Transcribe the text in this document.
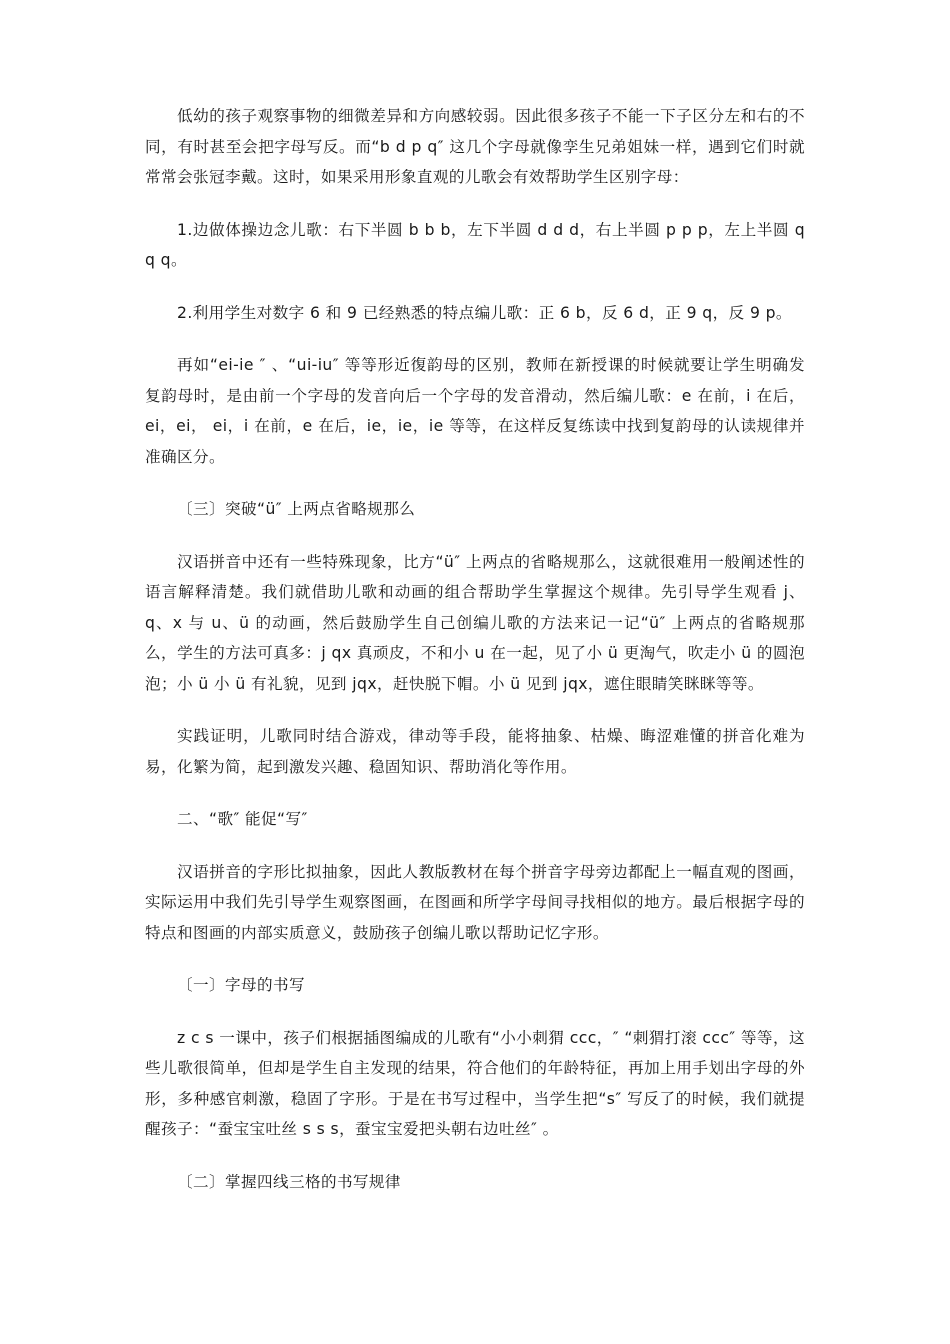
低幼的孩子观察事物的细微差异和方向感较弱。因此很多孩子不能一下子区分左和右的不同，有时甚至会把字母写反。而“b d p q″ 这几个字母就像孪生兄弟姐妹一样，遇到它们时就常常会张冠李戴。这时，如果采用形象直观的儿歌会有效帮助学生区别字母：

1.边做体操边念儿歌：右下半圆 b b b，左下半圆 d d d，右上半圆 p p p，左上半圆 q q q。

2.利用学生对数字 6 和 9 已经熟悉的特点编儿歌：正 6 b，反 6 d，正 9 q，反 9 p。

再如“ei-ie ″ 、“ui-iu″ 等等形近復韵母的区别，教师在新授课的时候就要让学生明确发复韵母时，是由前一个字母的发音向后一个字母的发音滑动，然后编儿歌：e 在前，i 在后，ei，ei， ei，i 在前，e 在后，ie，ie，ie 等等，在这样反复练读中找到复韵母的认读规律并准确区分。

〔三〕突破“ü″ 上两点省略规那么

汉语拼音中还有一些特殊现象，比方“ü″ 上两点的省略规那么，这就很难用一般阐述性的语言解释清楚。我们就借助儿歌和动画的组合帮助学生掌握这个规律。先引导学生观看 j、q、x 与 u、ü 的动画，然后鼓励学生自己创编儿歌的方法来记一记“ü″ 上两点的省略规那么，学生的方法可真多：j qx 真顽皮，不和小 u 在一起，见了小 ü 更淘气，吹走小 ü 的圆泡泡；小 ü 小 ü 有礼貌，见到 jqx，赶快脱下帽。小 ü 见到 jqx，遮住眼睛笑眯眯等等。

实践证明，儿歌同时结合游戏，律动等手段，能将抽象、枯燥、晦涩难懂的拼音化难为易，化繁为简，起到激发兴趣、稳固知识、帮助消化等作用。

二、“歌″ 能促“写″

汉语拼音的字形比拟抽象，因此人教版教材在每个拼音字母旁边都配上一幅直观的图画，实际运用中我们先引导学生观察图画，在图画和所学字母间寻找相似的地方。最后根据字母的特点和图画的内部实质意义，鼓励孩子创编儿歌以帮助记忆字形。

〔一〕字母的书写

z c s 一课中，孩子们根据插图编成的儿歌有“小小刺猬 ccc，″ “刺猬打滚 ccc″ 等等，这些儿歌很简单，但却是学生自主发现的结果，符合他们的年龄特征，再加上用手划出字母的外形，多种感官刺激，稳固了字形。于是在书写过程中，当学生把“s″ 写反了的时候，我们就提醒孩子：“蚕宝宝吐丝 s s s，蚕宝宝爱把头朝右边吐丝″ 。

〔二〕掌握四线三格的书写规律
